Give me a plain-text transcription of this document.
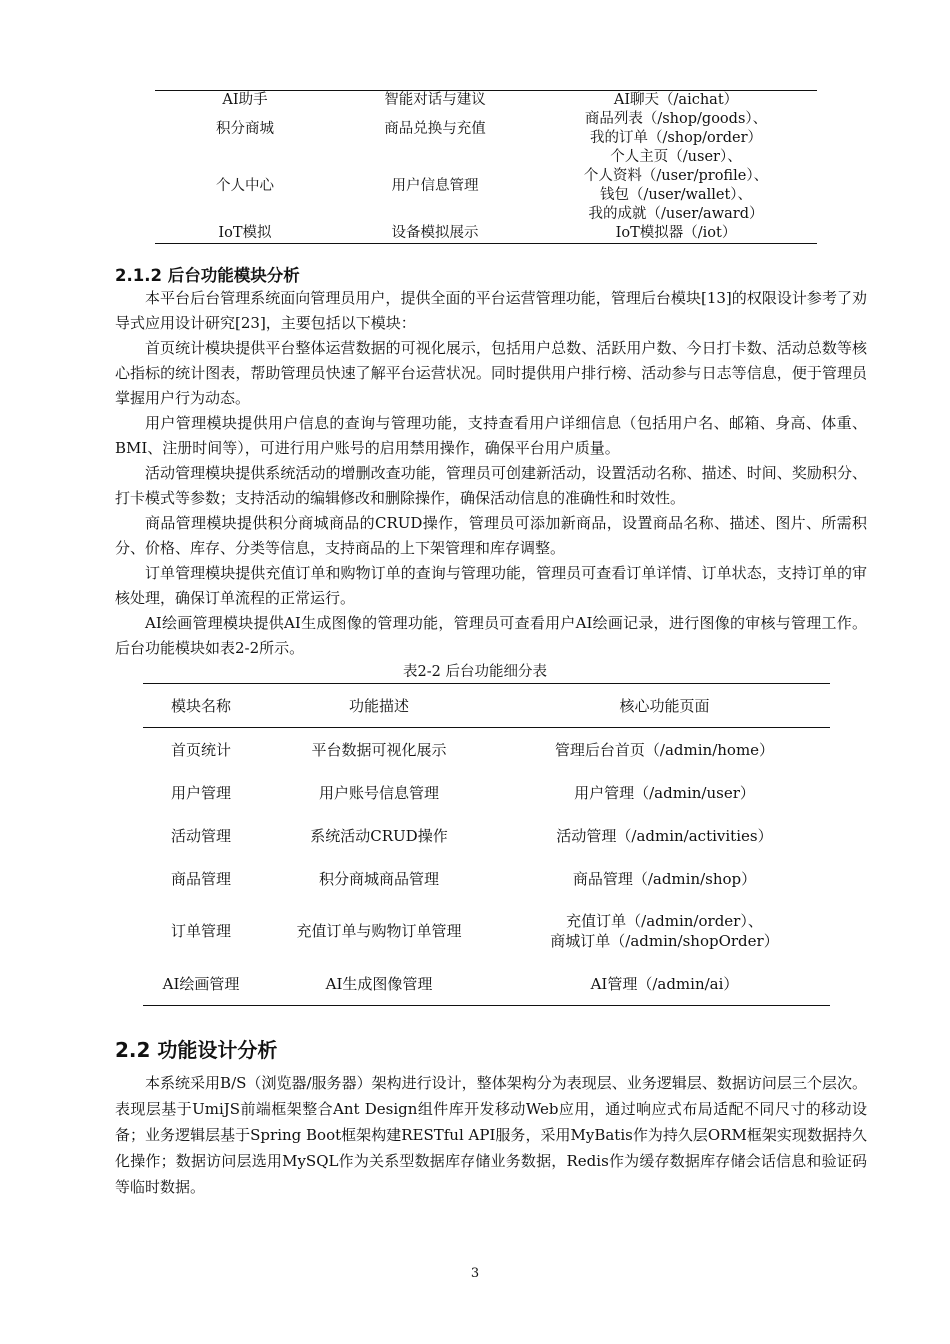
AI助手	智能对话与建议	AI聊天（/aichat）
积分商城	商品兑换与充值
商品列表（/shop/goods）、
我的订单（/shop/order）
个人中心	用户信息管理
个人主页（/user）、
个人资料（/user/profile）、
钱包（/user/wallet）、
我的成就（/user/award）
IoT模拟	设备模拟展示	IoT模拟器（/iot）
2.1.2 后台功能模块分析

本平台后台管理系统面向管理员用户，提供全面的平台运营管理功能，管理后台模块[13]的权限设计参考了劝导式应用设计研究[23]，主要包括以下模块：

首页统计模块提供平台整体运营数据的可视化展示，包括用户总数、活跃用户数、今日打卡数、活动总数等核心指标的统计图表，帮助管理员快速了解平台运营状况。同时提供用户排行榜、活动参与日志等信息，便于管理员掌握用户行为动态。

用户管理模块提供用户信息的查询与管理功能，支持查看用户详细信息（包括用户名、邮箱、身高、体重、BMI、注册时间等），可进行用户账号的启用禁用操作，确保平台用户质量。

活动管理模块提供系统活动的增删改查功能，管理员可创建新活动，设置活动名称、描述、时间、奖励积分、打卡模式等参数；支持活动的编辑修改和删除操作，确保活动信息的准确性和时效性。

商品管理模块提供积分商城商品的CRUD操作，管理员可添加新商品，设置商品名称、描述、图片、所需积分、价格、库存、分类等信息，支持商品的上下架管理和库存调整。

订单管理模块提供充值订单和购物订单的查询与管理功能，管理员可查看订单详情、订单状态，支持订单的审核处理，确保订单流程的正常运行。

AI绘画管理模块提供AI生成图像的管理功能，管理员可查看用户AI绘画记录，进行图像的审核与管理工作。后台功能模块如表2-2所示。

表2-2 后台功能细分表
模块名称	功能描述	核心功能页面
首页统计	平台数据可视化展示	管理后台首页（/admin/home）
用户管理	用户账号信息管理	用户管理（/admin/user）
活动管理	系统活动CRUD操作	活动管理（/admin/activities）
商品管理	积分商城商品管理	商品管理（/admin/shop）
订单管理	充值订单与购物订单管理
充值订单（/admin/order）、
商城订单（/admin/shopOrder）
AI绘画管理	AI生成图像管理	AI管理（/admin/ai）
2.2 功能设计分析

本系统采用B/S（浏览器/服务器）架构进行设计，整体架构分为表现层、业务逻辑层、数据访问层三个层次。表现层基于UmiJS前端框架整合Ant Design组件库开发移动Web应用，通过响应式布局适配不同尺寸的移动设备；业务逻辑层基于Spring Boot框架构建RESTful API服务，采用MyBatis作为持久层ORM框架实现数据持久化操作；数据访问层选用MySQL作为关系型数据库存储业务数据，Redis作为缓存数据库存储会话信息和验证码等临时数据。

3
